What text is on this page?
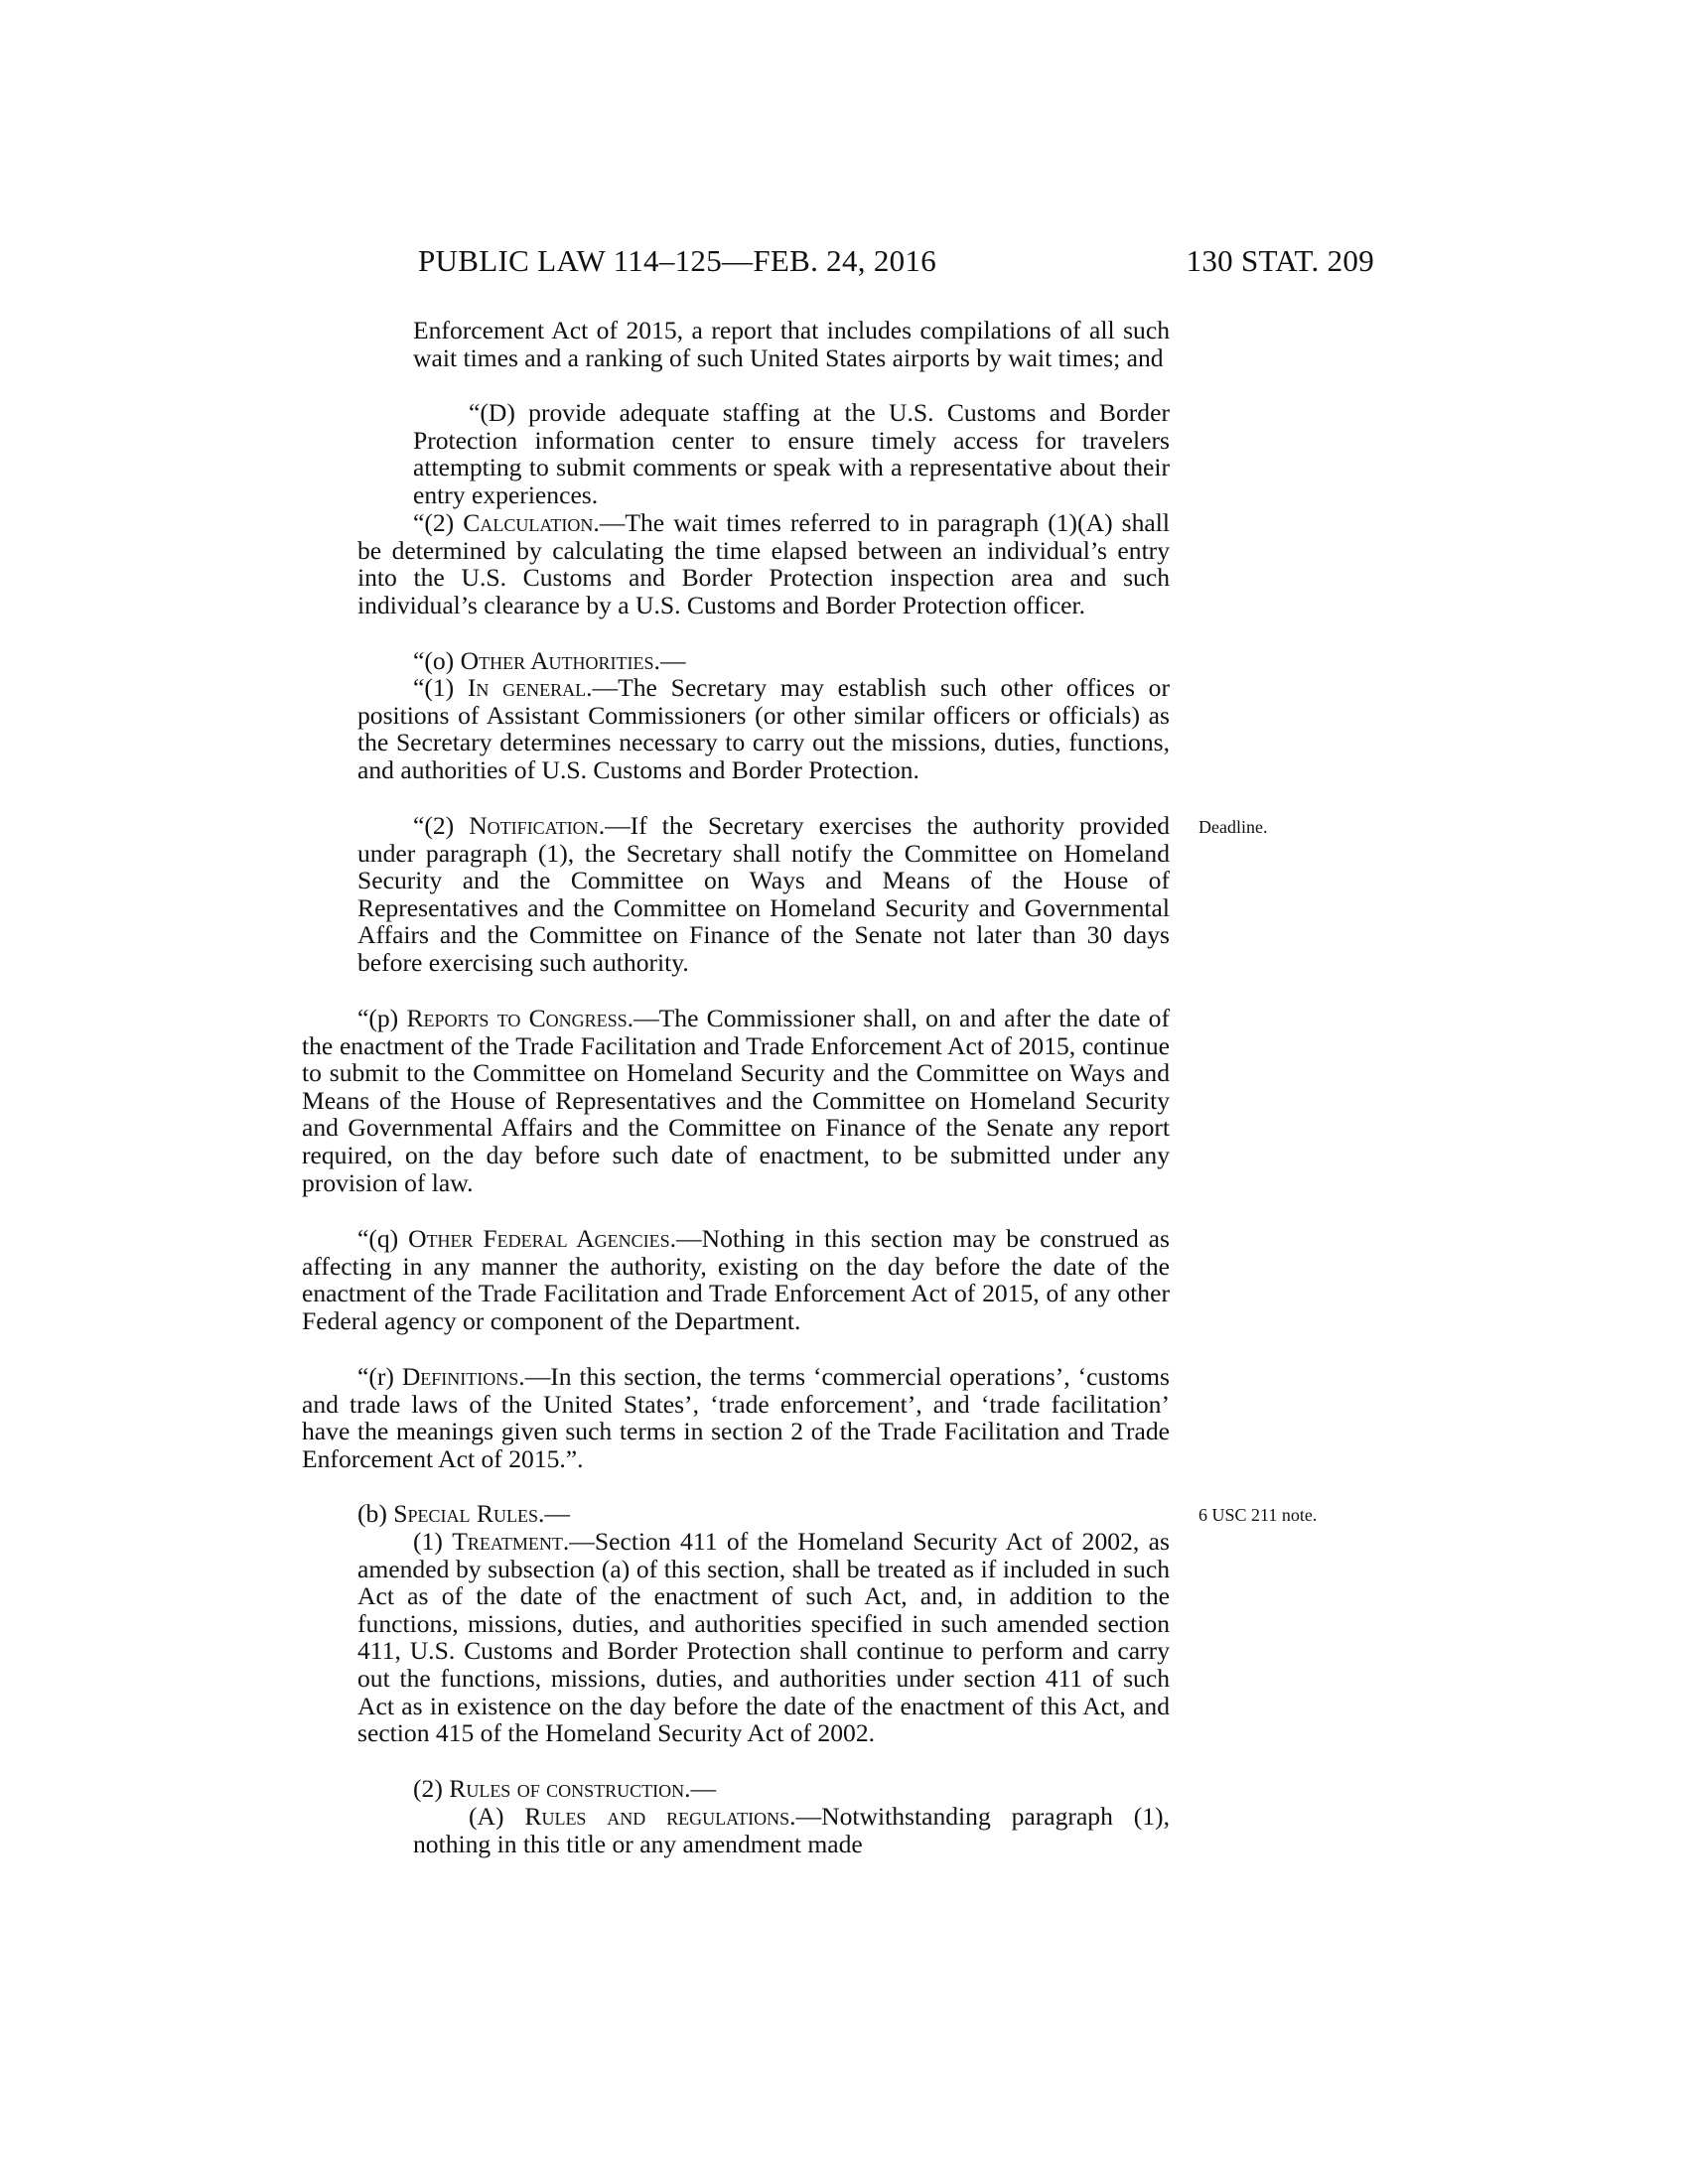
PUBLIC LAW 114–125—FEB. 24, 2016	130 STAT. 209
Enforcement Act of 2015, a report that includes compilations of all such wait times and a ranking of such United States airports by wait times; and
“(D) provide adequate staffing at the U.S. Customs and Border Protection information center to ensure timely access for travelers attempting to submit comments or speak with a representative about their entry experiences.
“(2) Calculation.—The wait times referred to in paragraph (1)(A) shall be determined by calculating the time elapsed between an individual’s entry into the U.S. Customs and Border Protection inspection area and such individual’s clearance by a U.S. Customs and Border Protection officer.
“(o) Other Authorities.—
“(1) In general.—The Secretary may establish such other offices or positions of Assistant Commissioners (or other similar officers or officials) as the Secretary determines necessary to carry out the missions, duties, functions, and authorities of U.S. Customs and Border Protection.
“(2) Notification.—If the Secretary exercises the authority provided under paragraph (1), the Secretary shall notify the Committee on Homeland Security and the Committee on Ways and Means of the House of Representatives and the Committee on Homeland Security and Governmental Affairs and the Committee on Finance of the Senate not later than 30 days before exercising such authority.
“(p) Reports to Congress.—The Commissioner shall, on and after the date of the enactment of the Trade Facilitation and Trade Enforcement Act of 2015, continue to submit to the Committee on Homeland Security and the Committee on Ways and Means of the House of Representatives and the Committee on Homeland Security and Governmental Affairs and the Committee on Finance of the Senate any report required, on the day before such date of enactment, to be submitted under any provision of law.
“(q) Other Federal Agencies.—Nothing in this section may be construed as affecting in any manner the authority, existing on the day before the date of the enactment of the Trade Facilitation and Trade Enforcement Act of 2015, of any other Federal agency or component of the Department.
“(r) Definitions.—In this section, the terms ‘commercial operations’, ‘customs and trade laws of the United States’, ‘trade enforcement’, and ‘trade facilitation’ have the meanings given such terms in section 2 of the Trade Facilitation and Trade Enforcement Act of 2015.”.
(b) Special Rules.—
(1) Treatment.—Section 411 of the Homeland Security Act of 2002, as amended by subsection (a) of this section, shall be treated as if included in such Act as of the date of the enactment of such Act, and, in addition to the functions, missions, duties, and authorities specified in such amended section 411, U.S. Customs and Border Protection shall continue to perform and carry out the functions, missions, duties, and authorities under section 411 of such Act as in existence on the day before the date of the enactment of this Act, and section 415 of the Homeland Security Act of 2002.
(2) Rules of construction.—
(A) Rules and regulations.—Notwithstanding paragraph (1), nothing in this title or any amendment made
Deadline.
6 USC 211 note.
